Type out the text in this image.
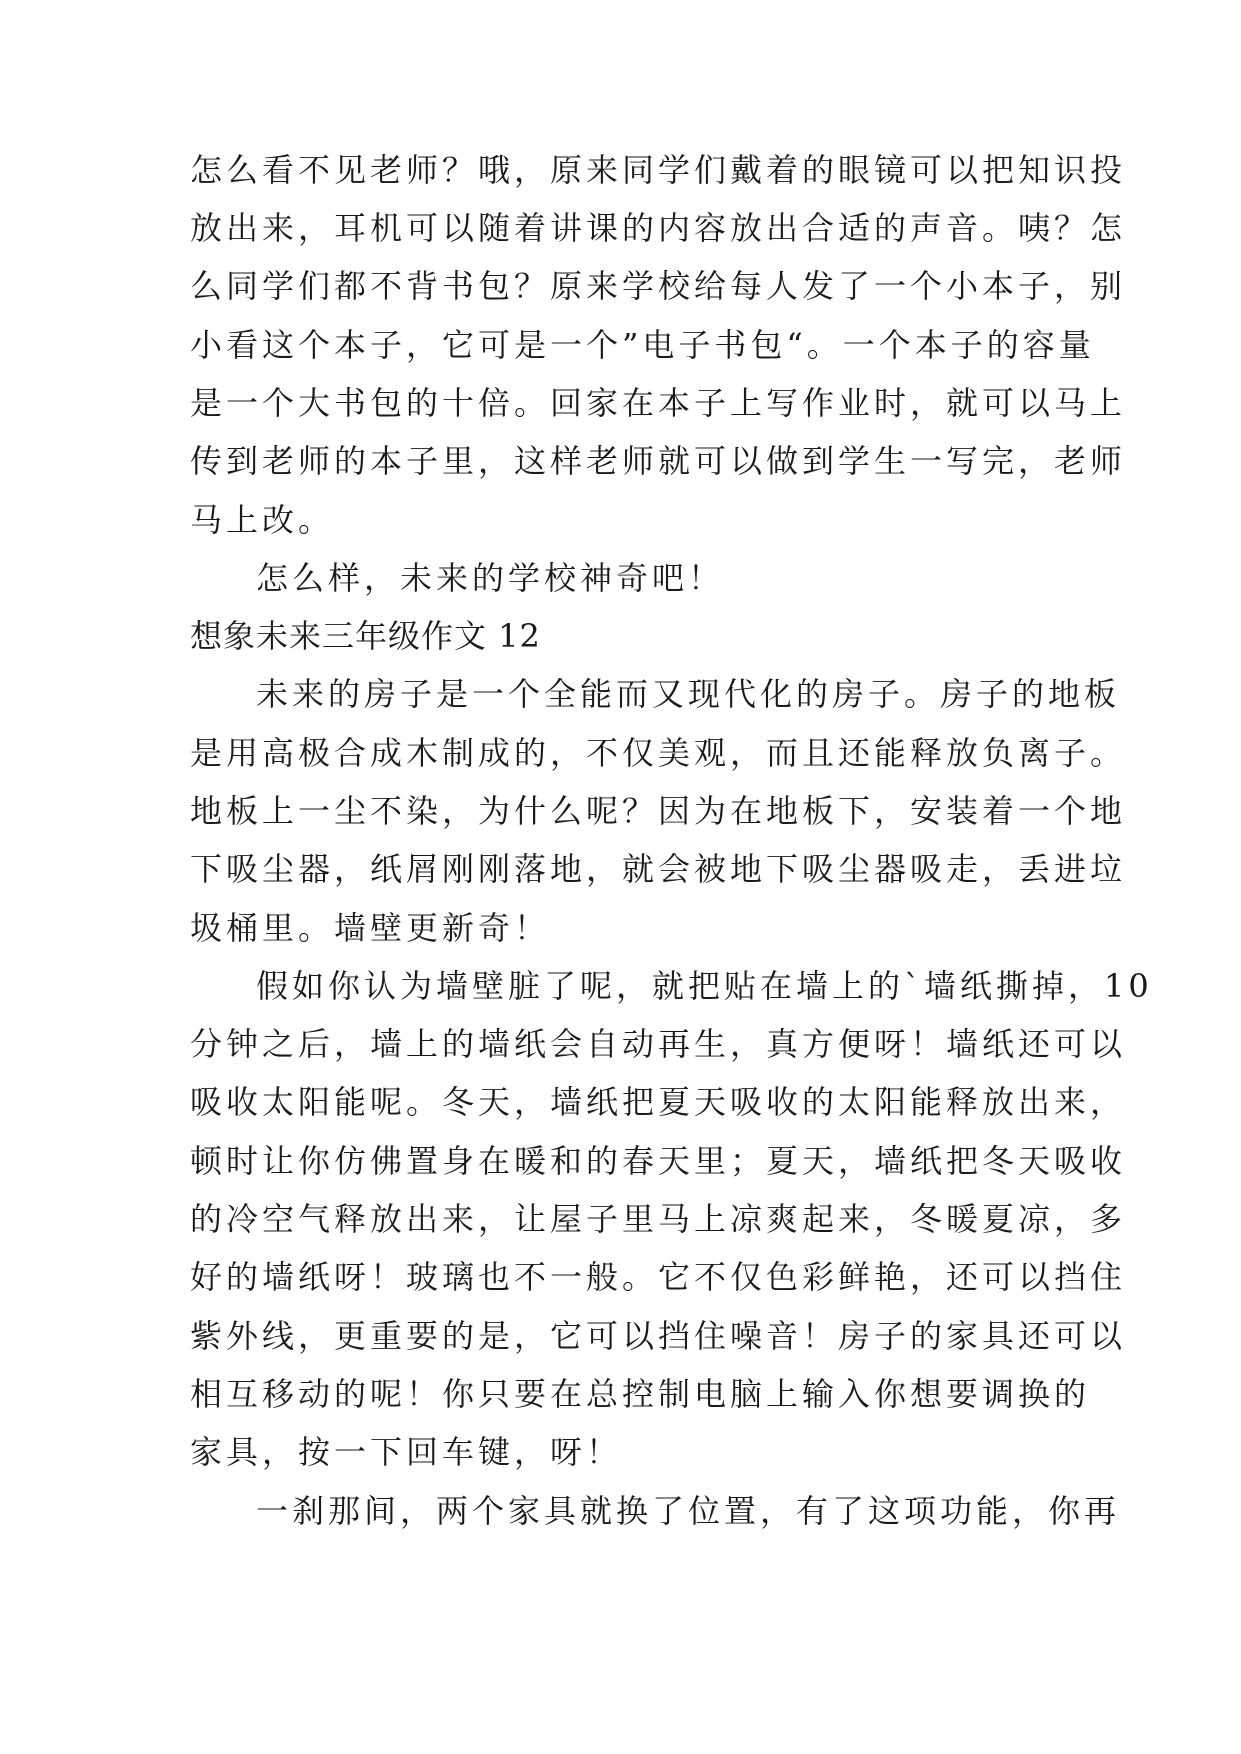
怎么看不见老师？哦，原来同学们戴着的眼镜可以把知识投
放出来，耳机可以随着讲课的内容放出合适的声音。咦？怎
么同学们都不背书包？原来学校给每人发了一个小本子，别
小看这个本子，它可是一个”电子书包“。一个本子的容量
是一个大书包的十倍。回家在本子上写作业时，就可以马上
传到老师的本子里，这样老师就可以做到学生一写完，老师
马上改。
怎么样，未来的学校神奇吧！
想象未来三年级作文 12
未来的房子是一个全能而又现代化的房子。房子的地板
是用高极合成木制成的，不仅美观，而且还能释放负离子。
地板上一尘不染，为什么呢？因为在地板下，安装着一个地
下吸尘器，纸屑刚刚落地，就会被地下吸尘器吸走，丢进垃
圾桶里。墙壁更新奇！
假如你认为墙壁脏了呢，就把贴在墙上的`墙纸撕掉，10
分钟之后，墙上的墙纸会自动再生，真方便呀！墙纸还可以
吸收太阳能呢。冬天，墙纸把夏天吸收的太阳能释放出来，
顿时让你仿佛置身在暖和的春天里；夏天，墙纸把冬天吸收
的冷空气释放出来，让屋子里马上凉爽起来，冬暖夏凉，多
好的墙纸呀！玻璃也不一般。它不仅色彩鲜艳，还可以挡住
紫外线，更重要的是，它可以挡住噪音！房子的家具还可以
相互移动的呢！你只要在总控制电脑上输入你想要调换的
家具，按一下回车键，呀！
一刹那间，两个家具就换了位置，有了这项功能，你再
